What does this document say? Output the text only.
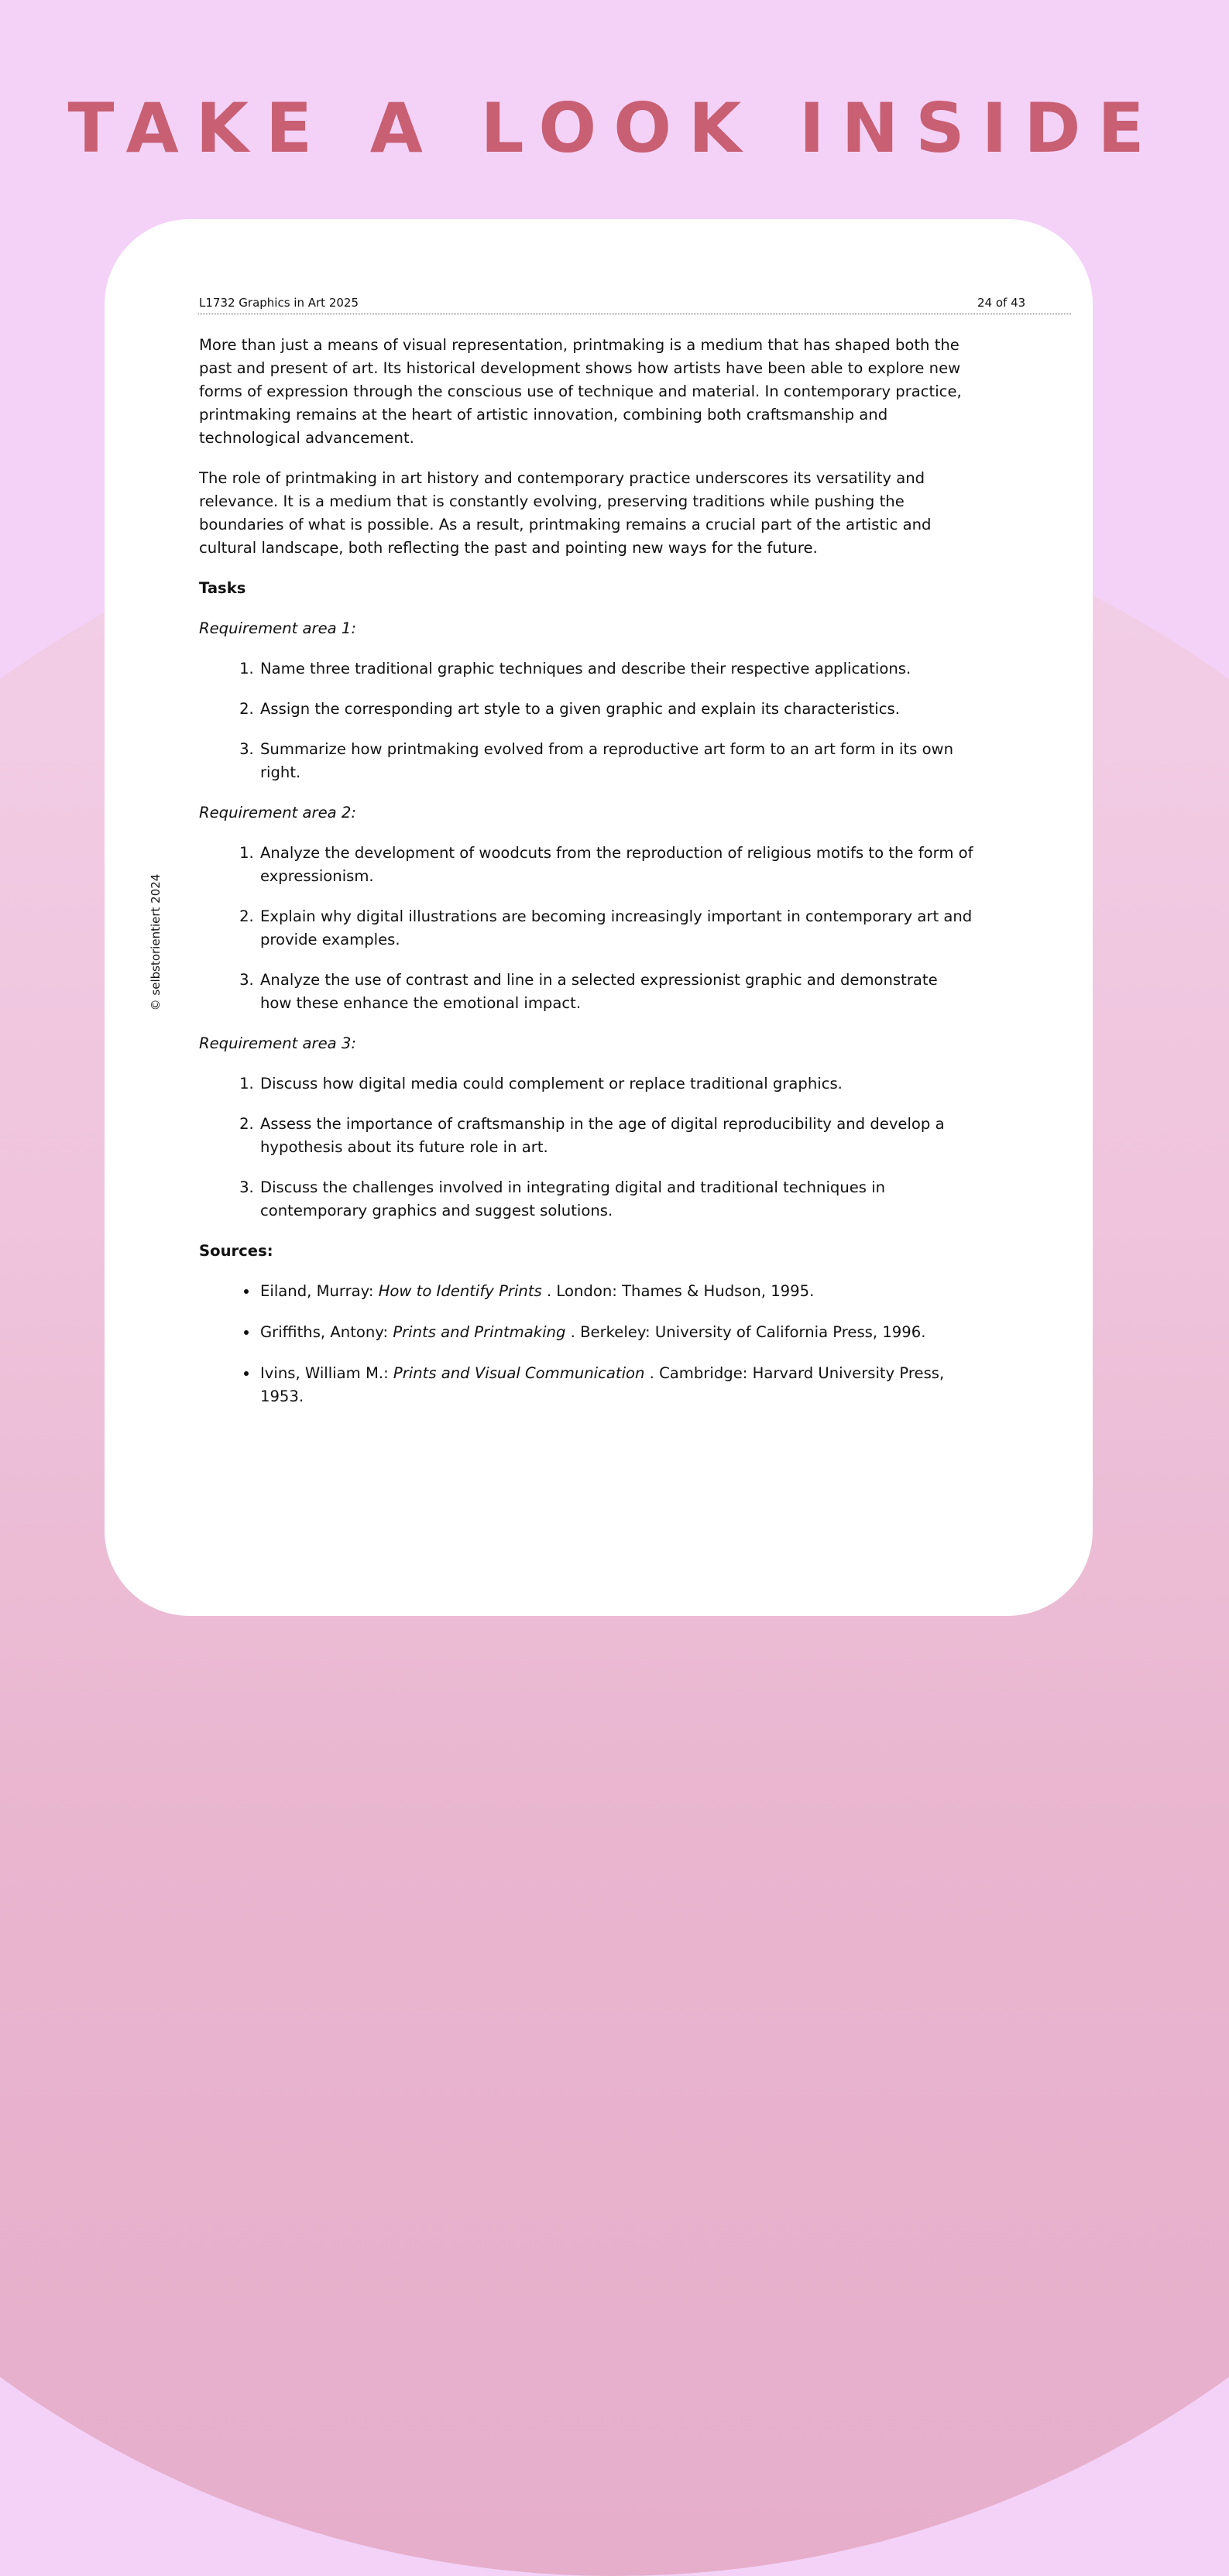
TAKE A LOOK INSIDE
© selbstorientiert 2024
L1732 Graphics in Art 2025	24 of 43

More than just a means of visual representation, printmaking is a medium that has shaped both the past and present of art. Its historical development shows how artists have been able to explore new forms of expression through the conscious use of technique and material. In contemporary practice, printmaking remains at the heart of artistic innovation, combining both craftsmanship and technological advancement.

The role of printmaking in art history and contemporary practice underscores its versatility and relevance. It is a medium that is constantly evolving, preserving traditions while pushing the boundaries of what is possible. As a result, printmaking remains a crucial part of the artistic and cultural landscape, both reflecting the past and pointing new ways for the future.

Tasks

Requirement area 1:

1. Name three traditional graphic techniques and describe their respective applications.
2. Assign the corresponding art style to a given graphic and explain its characteristics.
3. Summarize how printmaking evolved from a reproductive art form to an art form in its own right.

Requirement area 2:

1. Analyze the development of woodcuts from the reproduction of religious motifs to the form of expressionism.
2. Explain why digital illustrations are becoming increasingly important in contemporary art and provide examples.
3. Analyze the use of contrast and line in a selected expressionist graphic and demonstrate how these enhance the emotional impact.

Requirement area 3:

1. Discuss how digital media could complement or replace traditional graphics.
2. Assess the importance of craftsmanship in the age of digital reproducibility and develop a hypothesis about its future role in art.
3. Discuss the challenges involved in integrating digital and traditional techniques in contemporary graphics and suggest solutions.
Sources:
• Eiland, Murray: How to Identify Prints . London: Thames & Hudson, 1995.
• Griffiths, Antony: Prints and Printmaking . Berkeley: University of California Press, 1996.
• Ivins, William M.: Prints and Visual Communication . Cambridge: Harvard University Press, 1953.
